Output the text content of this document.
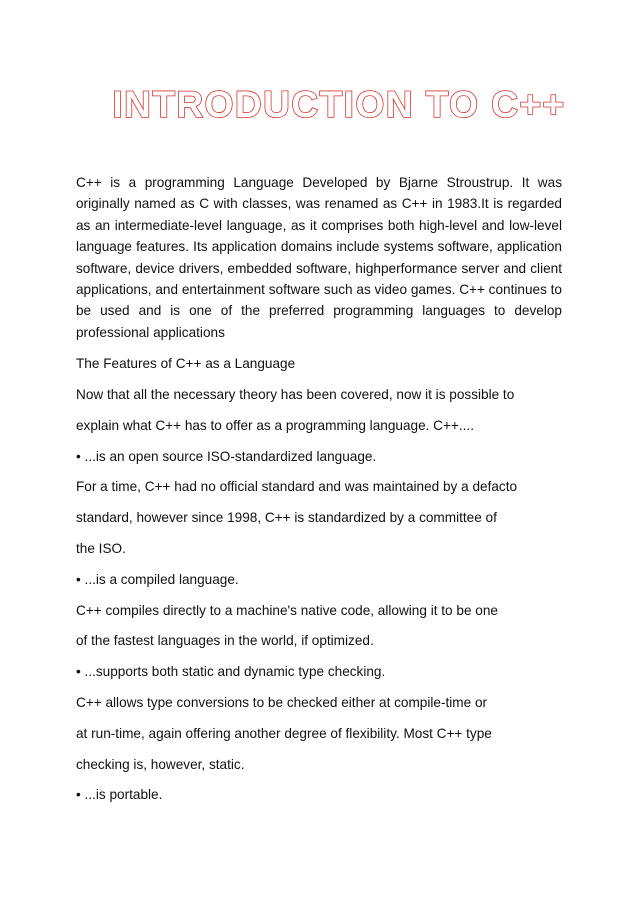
INTRODUCTION TO C++

C++ is a programming Language Developed by Bjarne Stroustrup. It was originally named as C with classes, was renamed as C++ in 1983.It is regarded as an intermediate-level language, as it comprises both high-level and low-level language features. Its application domains include systems software, application software, device drivers, embedded software, highperformance server and client applications, and entertainment software such as video games. C++ continues to be used and is one of the preferred programming languages to develop professional applications

The Features of C++ as a Language

Now that all the necessary theory has been covered, now it is possible to

explain what C++ has to offer as a programming language. C++....

• ...is an open source ISO-standardized language.

For a time, C++ had no official standard and was maintained by a defacto

standard, however since 1998, C++ is standardized by a committee of

the ISO.

• ...is a compiled language.

C++ compiles directly to a machine's native code, allowing it to be one

of the fastest languages in the world, if optimized.

• ...supports both static and dynamic type checking.

C++ allows type conversions to be checked either at compile-time or

at run-time, again offering another degree of flexibility. Most C++ type

checking is, however, static.

• ...is portable.
